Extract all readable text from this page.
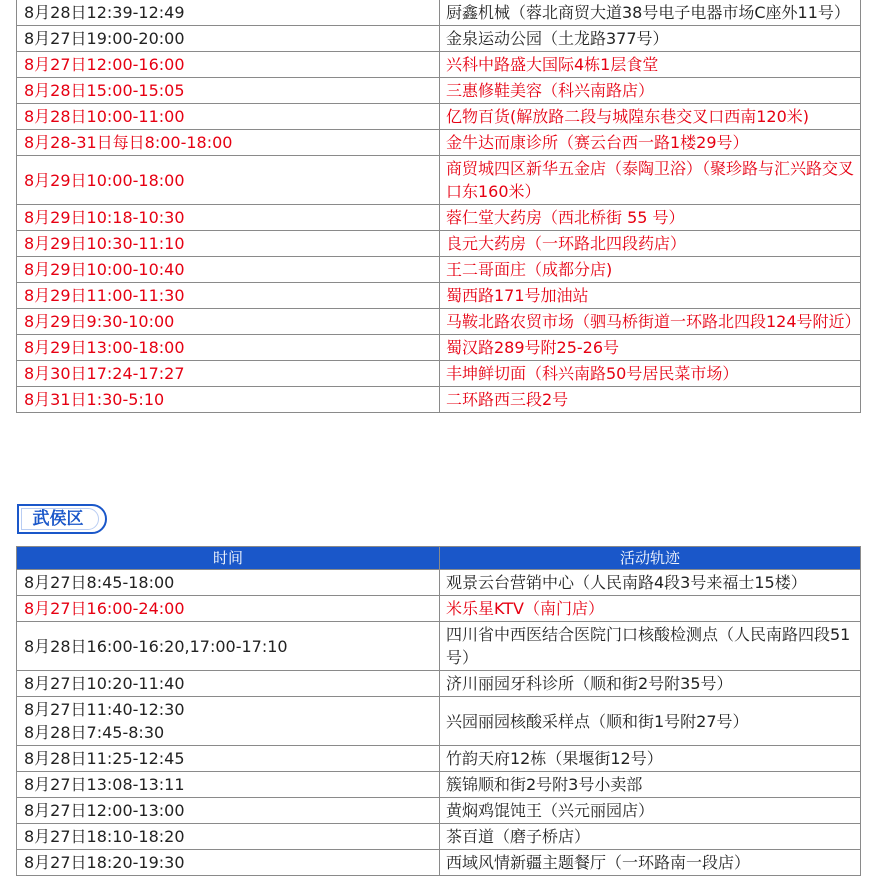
8月28日12:39-12:49	厨鑫机械（蓉北商贸大道38号电子电器市场C座外11号）
8月27日19:00-20:00	金泉运动公园（土龙路377号）
8月27日12:00-16:00	兴科中路盛大国际4栋1层食堂
8月28日15:00-15:05	三惠修鞋美容（科兴南路店）
8月28日10:00-11:00	亿物百货(解放路二段与城隍东巷交叉口西南120米)
8月28-31日每日8:00-18:00	金牛达而康诊所（赛云台西一路1楼29号）
8月29日10:00-18:00	商贸城四区新华五金店（泰陶卫浴）（聚珍路与汇兴路交叉口东160米）
8月29日10:18-10:30	蓉仁堂大药房（西北桥街 55 号）
8月29日10:30-11:10	良元大药房（一环路北四段药店）
8月29日10:00-10:40	王二哥面庄（成都分店)
8月29日11:00-11:30	蜀西路171号加油站
8月29日9:30-10:00	马鞍北路农贸市场（驷马桥街道一环路北四段124号附近）
8月29日13:00-18:00	蜀汉路289号附25-26号
8月30日17:24-17:27	丰坤鲜切面（科兴南路50号居民菜市场）
8月31日1:30-5:10	二环路西三段2号
武侯区
时间	活动轨迹
8月27日8:45-18:00	观景云台营销中心（人民南路4段3号来福士15楼）
8月27日16:00-24:00	米乐星KTV（南门店）
8月28日16:00-16:20,17:00-17:10	四川省中西医结合医院门口核酸检测点（人民南路四段51号）
8月27日10:20-11:40	济川丽园牙科诊所（顺和街2号附35号）

8月27日11:40-12:30
8月28日7:45-8:30	兴园丽园核酸采样点（顺和街1号附27号）
8月28日11:25-12:45	竹韵天府12栋（果堰街12号）
8月27日13:08-13:11	簇锦顺和街2号附3号小卖部
8月27日12:00-13:00	黄焖鸡馄饨王（兴元丽园店）
8月27日18:10-18:20	茶百道（磨子桥店）
8月27日18:20-19:30	西域风情新疆主题餐厅（一环路南一段店）
